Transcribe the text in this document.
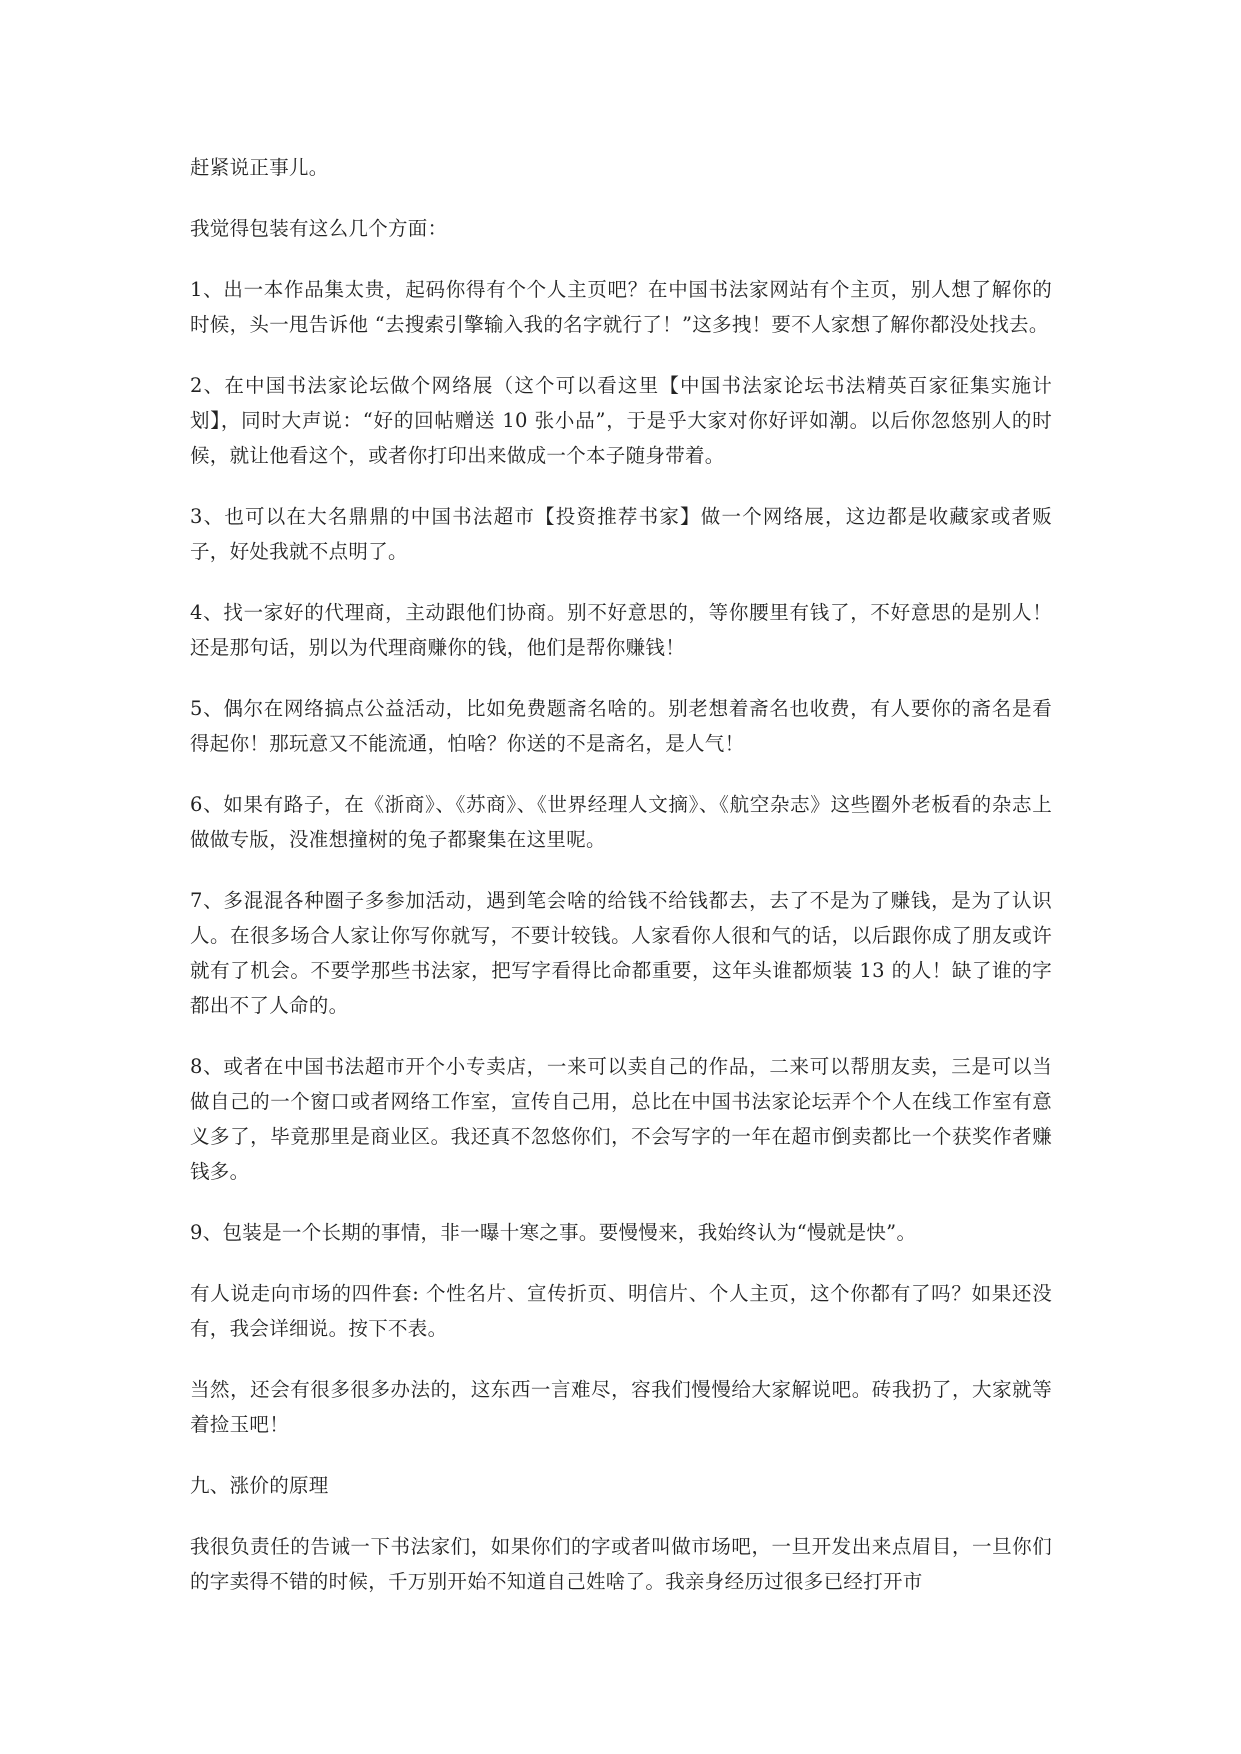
赶紧说正事儿。

我觉得包装有这么几个方面：

1、出一本作品集太贵，起码你得有个个人主页吧？在中国书法家网站有个主页，别人想了解你的时候，头一甩告诉他 “去搜索引擎输入我的名字就行了！”这多拽！要不人家想了解你都没处找去。

2、在中国书法家论坛做个网络展（这个可以看这里【中国书法家论坛书法精英百家征集实施计划】，同时大声说：“好的回帖赠送 10 张小品”，于是乎大家对你好评如潮。以后你忽悠别人的时候，就让他看这个，或者你打印出来做成一个本子随身带着。

3、也可以在大名鼎鼎的中国书法超市【投资推荐书家】做一个网络展，这边都是收藏家或者贩子，好处我就不点明了。

4、找一家好的代理商，主动跟他们协商。别不好意思的，等你腰里有钱了，不好意思的是别人！还是那句话，别以为代理商赚你的钱，他们是帮你赚钱！

5、偶尔在网络搞点公益活动，比如免费题斋名啥的。别老想着斋名也收费，有人要你的斋名是看得起你！那玩意又不能流通，怕啥？你送的不是斋名，是人气！

6、如果有路子，在《浙商》、《苏商》、《世界经理人文摘》、《航空杂志》这些圈外老板看的杂志上做做专版，没准想撞树的兔子都聚集在这里呢。

7、多混混各种圈子多参加活动，遇到笔会啥的给钱不给钱都去，去了不是为了赚钱，是为了认识人。在很多场合人家让你写你就写，不要计较钱。人家看你人很和气的话，以后跟你成了朋友或许就有了机会。不要学那些书法家，把写字看得比命都重要，这年头谁都烦装 13 的人！缺了谁的字都出不了人命的。

8、或者在中国书法超市开个小专卖店，一来可以卖自己的作品，二来可以帮朋友卖，三是可以当做自己的一个窗口或者网络工作室，宣传自己用，总比在中国书法家论坛弄个个人在线工作室有意义多了，毕竟那里是商业区。我还真不忽悠你们，不会写字的一年在超市倒卖都比一个获奖作者赚钱多。

9、包装是一个长期的事情，非一曝十寒之事。要慢慢来，我始终认为“慢就是快”。

有人说走向市场的四件套: 个性名片、宣传折页、明信片、个人主页，这个你都有了吗？如果还没有，我会详细说。按下不表。

当然，还会有很多很多办法的，这东西一言难尽，容我们慢慢给大家解说吧。砖我扔了，大家就等着捡玉吧！

九、涨价的原理

我很负责任的告诫一下书法家们，如果你们的字或者叫做市场吧，一旦开发出来点眉目，一旦你们的字卖得不错的时候，千万别开始不知道自己姓啥了。我亲身经历过很多已经打开市
